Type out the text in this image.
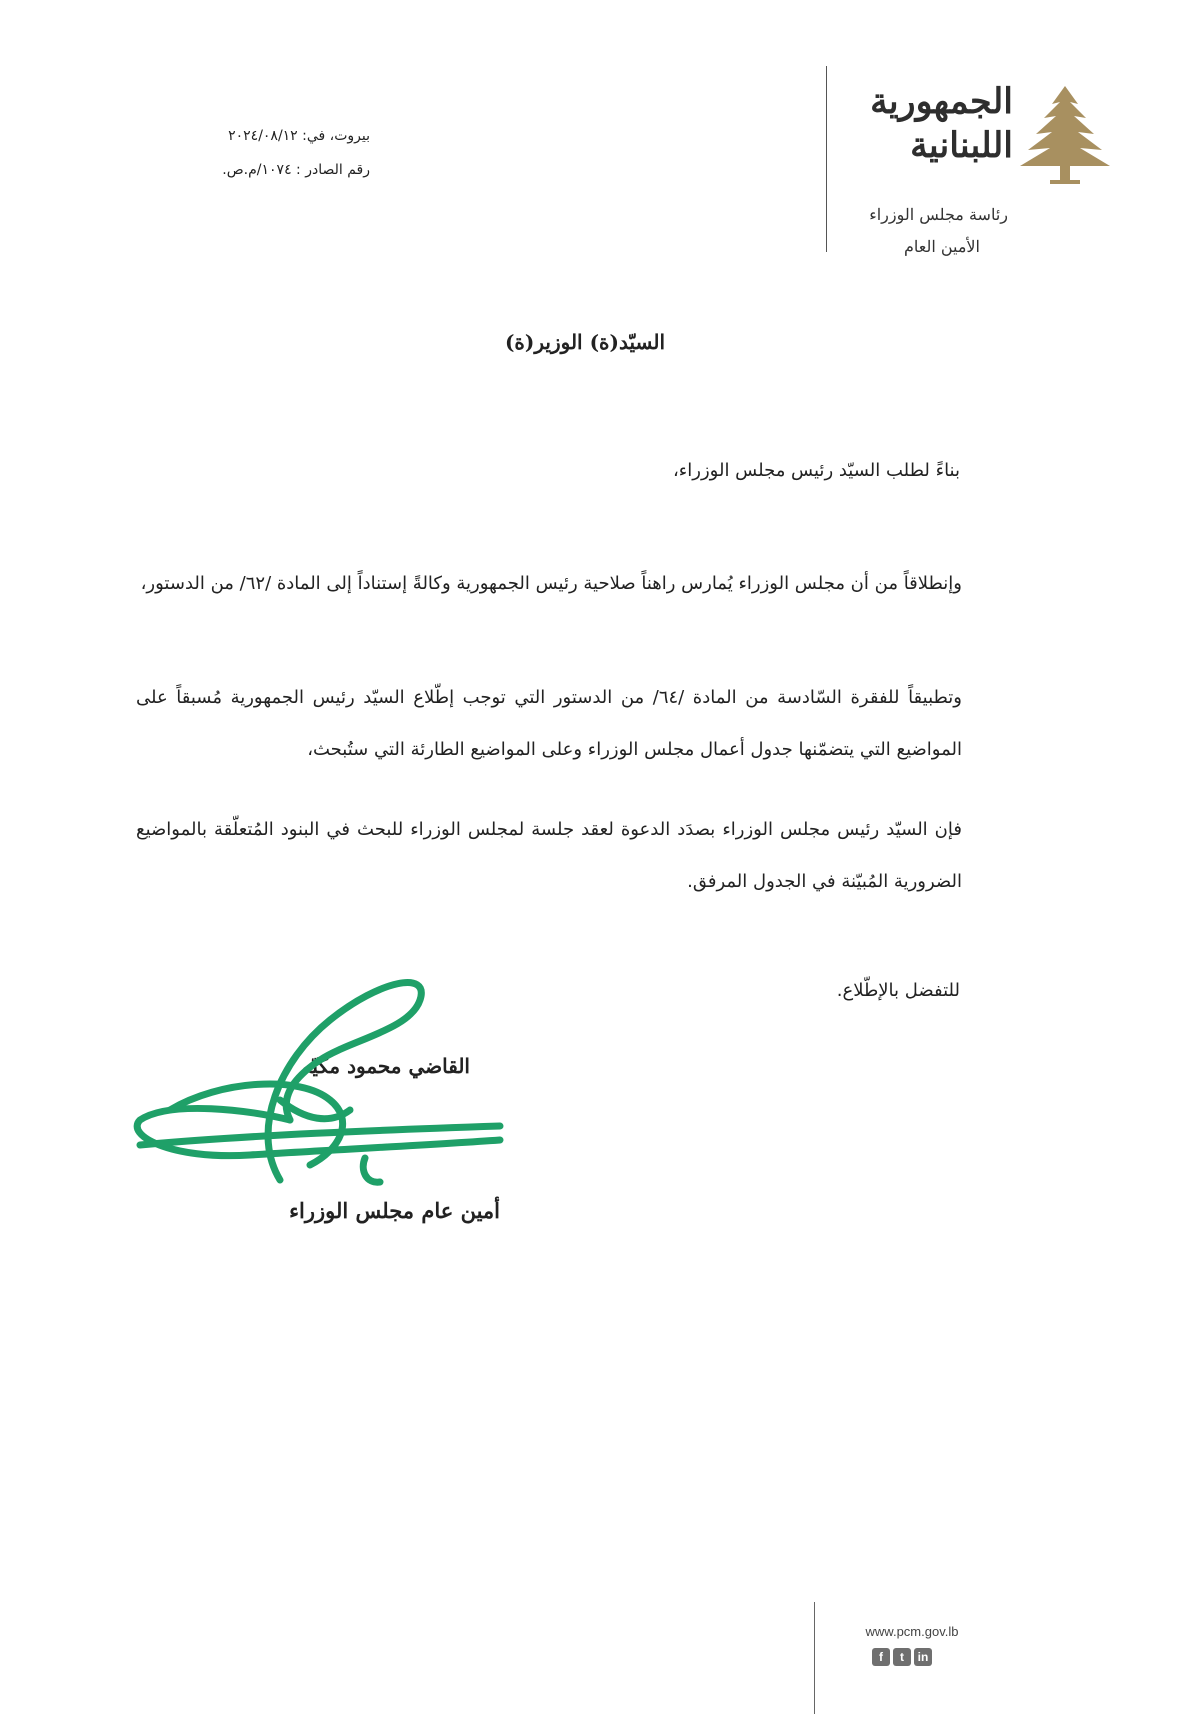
الجمهورية
اللبنانية
رئاسة مجلس الوزراء
الأمين العام
بيروت، في: ٢٠٢٤/٠٨/١٢
رقم الصادر : ١٠٧٤/م.ص.
السيّد(ة) الوزير(ة)
بناءً لطلب السيّد رئيس مجلس الوزراء،
وإنطلاقاً من أن مجلس الوزراء يُمارس راهناً صلاحية رئيس الجمهورية وكالةً إستناداً إلى المادة /٦٢/ من الدستور،
وتطبيقاً للفقرة السّادسة من المادة /٦٤/ من الدستور التي توجب إطّلاع السيّد رئيس الجمهورية مُسبقاً على المواضيع التي يتضمّنها جدول أعمال مجلس الوزراء وعلى المواضيع الطارئة التي ستُبحث،
فإن السيّد رئيس مجلس الوزراء بصدَد الدعوة لعقد جلسة لمجلس الوزراء للبحث في البنود المُتعلّقة بالمواضيع الضرورية المُبيّنة في الجدول المرفق.
للتفضل بالإطّلاع.
القاضي محمود مكيّه
أمين عام مجلس الوزراء
www.pcm.gov.lb
f	t	in
